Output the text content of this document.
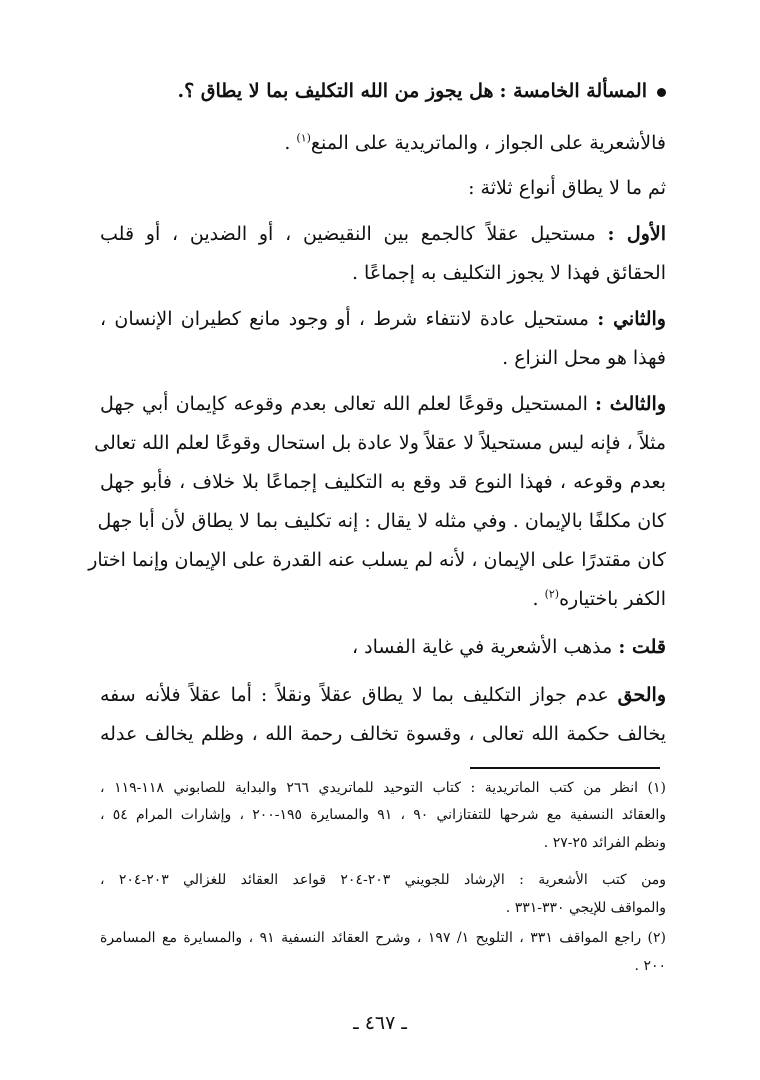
المسألة الخامسة : هل يجوز من الله التكليف بما لا يطاق ؟.
فالأشعرية على الجواز ، والماتريدية على المنع$^{(١)}$ .
ثم ما لا يطاق أنواع ثلاثة :
الأول : مستحيل عقلاً كالجمع بين النقيضين ، أو الضدين ، أو قلب
الحقائق فهذا لا يجوز التكليف به إجماعًا .
والثاني : مستحيل عادة لانتفاء شرط ، أو وجود مانع كطيران الإنسان ،
فهذا هو محل النزاع .
والثالث : المستحيل وقوعًا لعلم الله تعالى بعدم وقوعه كإيمان أبي جهل
مثلاً ، فإنه ليس مستحيلاً لا عقلاً ولا عادة بل استحال وقوعًا لعلم الله تعالى
بعدم وقوعه ، فهذا النوع قد وقع به التكليف إجماعًا بلا خلاف ، فأبو جهل
كان مكلفًا بالإيمان . وفي مثله لا يقال : إنه تكليف بما لا يطاق لأن أبا جهل
كان مقتدرًا على الإيمان ، لأنه لم يسلب عنه القدرة على الإيمان وإنما اختار
الكفر باختياره$^{(٢)}$ .
قلت : مذهب الأشعرية في غاية الفساد ،
والحق عدم جواز التكليف بما لا يطاق عقلاً ونقلاً : أما عقلاً فلأنه سفه
يخالف حكمة الله تعالى ، وقسوة تخالف رحمة الله ، وظلم يخالف عدله
(١) انظر من كتب الماتريدية : كتاب التوحيد للماتريدي ٢٦٦ والبداية للصابوني ١١٨-١١٩ ،
والعقائد النسفية مع شرحها للتفتازاني ٩٠ ، ٩١ والمسايرة ١٩٥-٢٠٠ ، وإشارات المرام ٥٤ ،
ونظم الفرائد ٢٥-٢٧ .
ومن كتب الأشعرية : الإرشاد للجويني ٢٠٣-٢٠٤ قواعد العقائد للغزالي ٢٠٣-٢٠٤ ،
والمواقف للإيجي ٣٣٠-٣٣١ .
(٢) راجع المواقف ٣٣١ ، التلويح ١/ ١٩٧ ، وشرح العقائد النسفية ٩١ ، والمسايرة مع المسامرة
٢٠٠ .
ـ ٤٦٧ ـ
